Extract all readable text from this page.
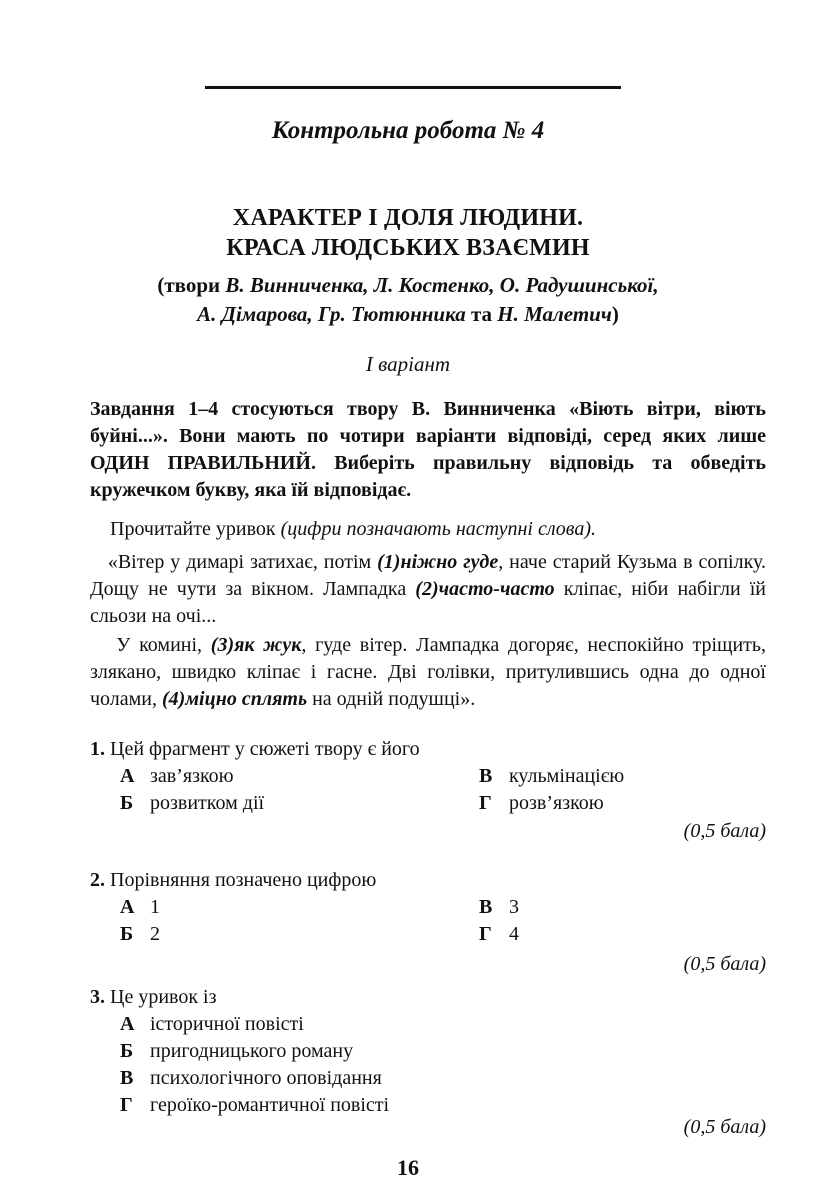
Контрольна робота № 4
ХАРАКТЕР І ДОЛЯ ЛЮДИНИ.
КРАСА ЛЮДСЬКИХ ВЗАЄМИН
(твори В. Винниченка, Л. Костенко, О. Радушинської,
А. Дімарова, Гр. Тютюнника та Н. Малетич)
І варіант

Завдання 1–4 стосуються твору В. Винниченка «Віють вітри, віють буйні...». Вони мають по чотири варіанти відповіді, серед яких лише ОДИН ПРАВИЛЬНИЙ. Виберіть правильну відповідь та обведіть кружечком букву, яка їй відповідає.

Прочитайте уривок (цифри позначають наступні слова).

«Вітер у димарі затихає, потім (1)ніжно гуде, наче старий Кузьма в сопілку. Дощу не чути за вікном. Лампадка (2)часто-часто кліпає, ніби набігли їй сльози на очі...

У комині, (3)як жук, гуде вітер. Лампадка догоряє, неспокійно тріщить, злякано, швидко кліпає і гасне. Дві голівки, притулившись одна до одної чолами, (4)міцно сплять на одній подушці».

1. Цей фрагмент у сюжеті твору є його

А зав’язкою
Б розвитком дії
В кульмінацією
Г розв’язкою
(0,5 бала)

2. Порівняння позначено цифрою

А 1
Б 2
В 3
Г 4
(0,5 бала)

3. Це уривок із

А історичної повісті
Б пригодницького роману
В психологічного оповідання
Г героїко-романтичної повісті
(0,5 бала)
16
